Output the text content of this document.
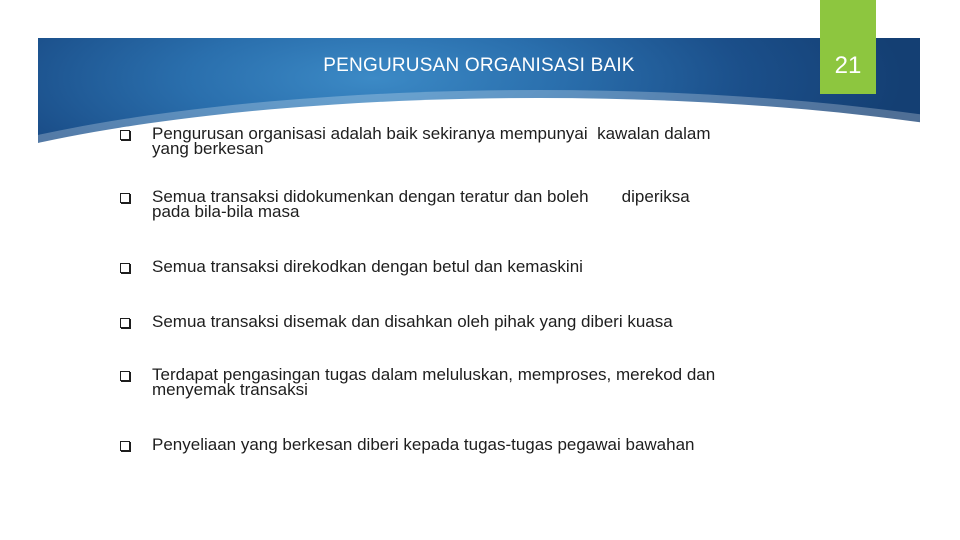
PENGURUSAN ORGANISASI BAIK	21
Pengurusan organisasi adalah baik sekiranya mempunyai  kawalan dalam
yang berkesan
Semua transaksi didokumenkan dengan teratur dan boleh       diperiksa
pada bila-bila masa
Semua transaksi direkodkan dengan betul dan kemaskini
Semua transaksi disemak dan disahkan oleh pihak yang diberi kuasa
Terdapat pengasingan tugas dalam meluluskan, memproses, merekod dan
menyemak transaksi
Penyeliaan yang berkesan diberi kepada tugas-tugas pegawai bawahan
